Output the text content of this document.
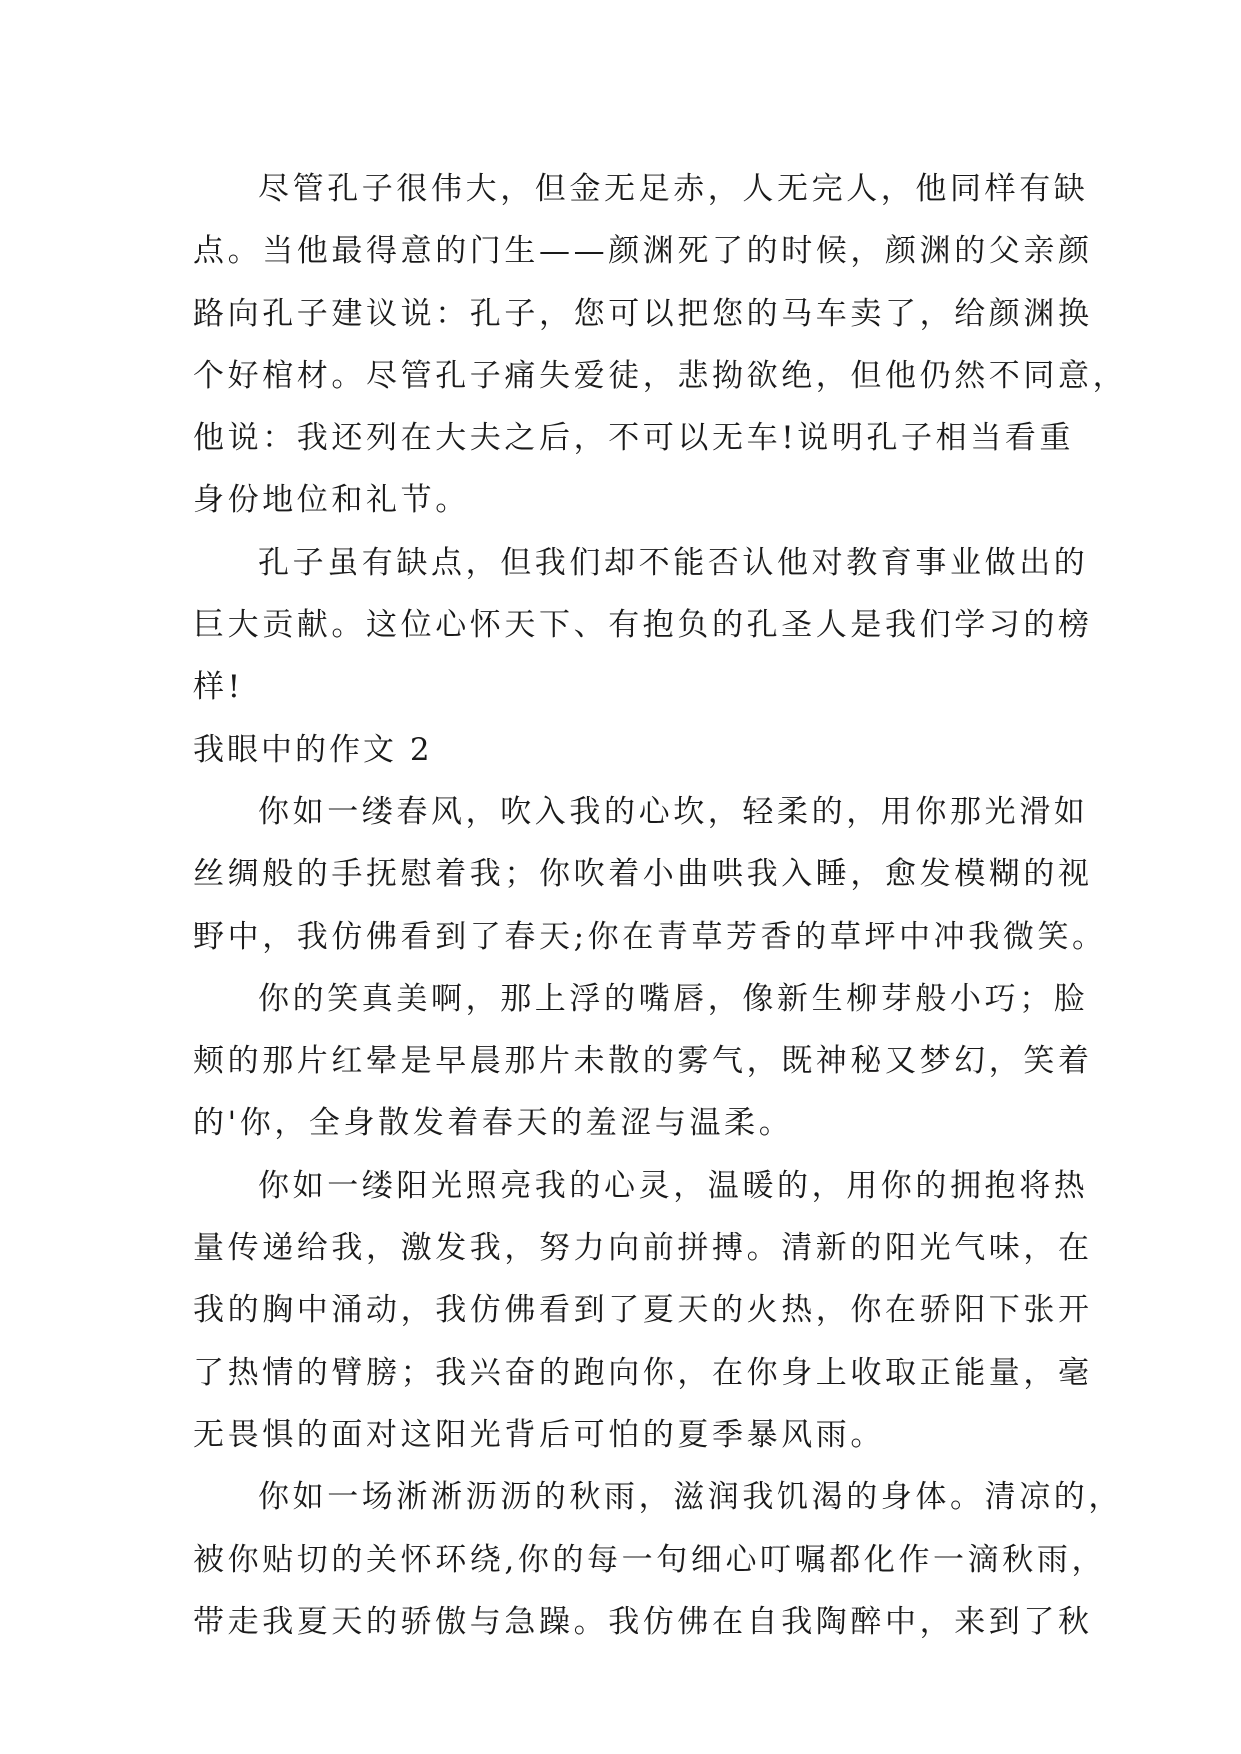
尽管孔子很伟大，但金无足赤，人无完人，他同样有缺
点。当他最得意的门生——颜渊死了的时候，颜渊的父亲颜
路向孔子建议说：孔子，您可以把您的马车卖了，给颜渊换
个好棺材。尽管孔子痛失爱徒，悲拗欲绝，但他仍然不同意，
他说：我还列在大夫之后，不可以无车!说明孔子相当看重
身份地位和礼节。
孔子虽有缺点，但我们却不能否认他对教育事业做出的
巨大贡献。这位心怀天下、有抱负的孔圣人是我们学习的榜
样!
我眼中的作文 2
你如一缕春风，吹入我的心坎，轻柔的，用你那光滑如
丝绸般的手抚慰着我；你吹着小曲哄我入睡，愈发模糊的视
野中，我仿佛看到了春天;你在青草芳香的草坪中冲我微笑。
你的笑真美啊，那上浮的嘴唇，像新生柳芽般小巧；脸
颊的那片红晕是早晨那片未散的雾气，既神秘又梦幻，笑着
的'你，全身散发着春天的羞涩与温柔。
你如一缕阳光照亮我的心灵，温暖的，用你的拥抱将热
量传递给我，激发我，努力向前拼搏。清新的阳光气味，在
我的胸中涌动，我仿佛看到了夏天的火热，你在骄阳下张开
了热情的臂膀；我兴奋的跑向你，在你身上收取正能量，毫
无畏惧的面对这阳光背后可怕的夏季暴风雨。
你如一场淅淅沥沥的秋雨，滋润我饥渴的身体。清凉的，
被你贴切的关怀环绕,你的每一句细心叮嘱都化作一滴秋雨，
带走我夏天的骄傲与急躁。我仿佛在自我陶醉中，来到了秋
